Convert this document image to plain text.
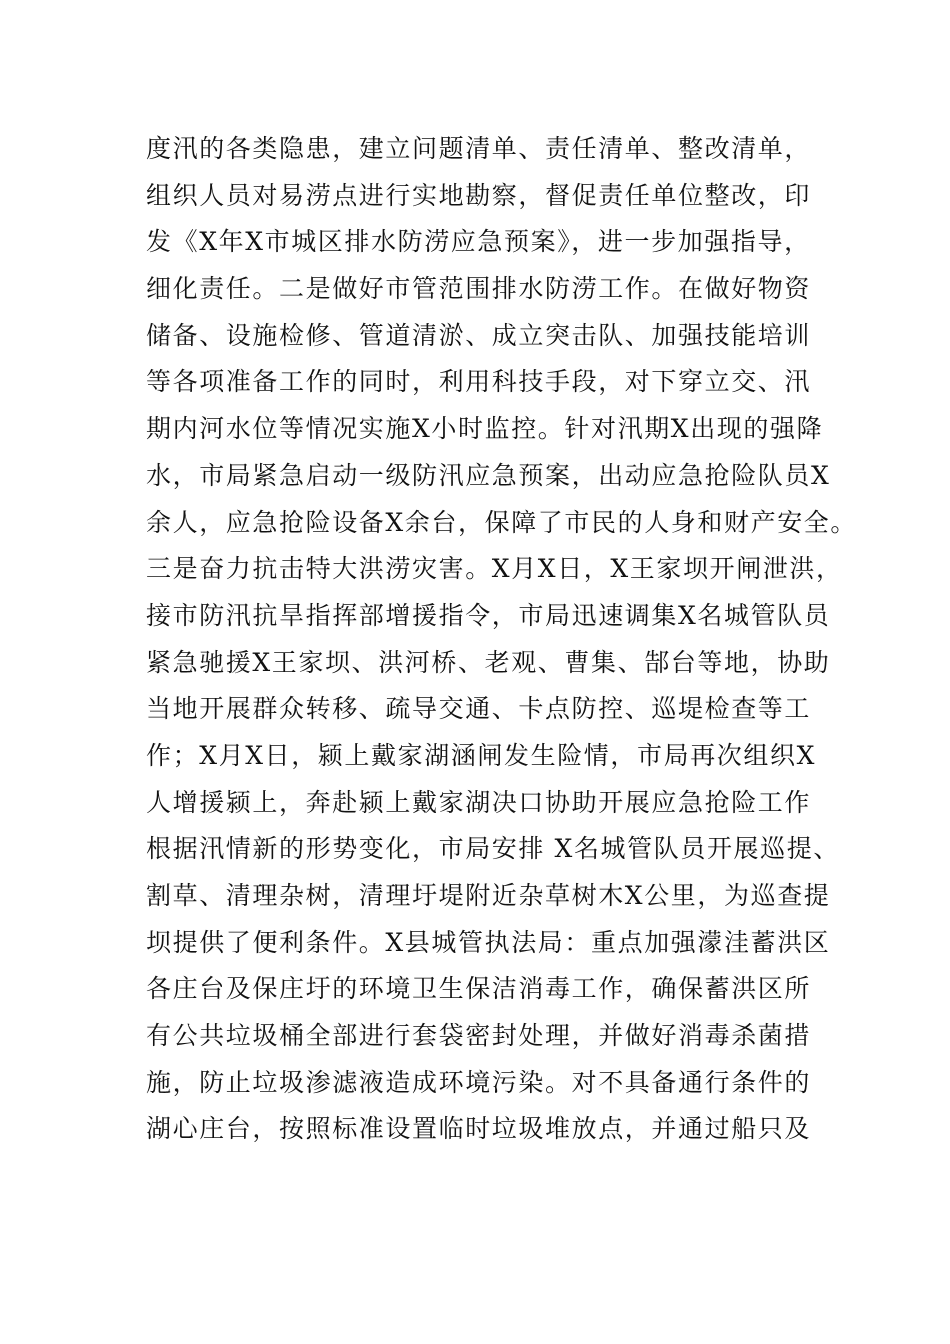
度汛的各类隐患，建立问题清单、责任清单、整改清单，
组织人员对易涝点进行实地勘察，督促责任单位整改，印
发《X年X市城区排水防涝应急预案》，进一步加强指导，
细化责任。二是做好市管范围排水防涝工作。在做好物资
储备、设施检修、管道清淤、成立突击队、加强技能培训
等各项准备工作的同时，利用科技手段，对下穿立交、汛
期内河水位等情况实施X小时监控。针对汛期X出现的强降
水，市局紧急启动一级防汛应急预案，出动应急抢险队员X
余人，应急抢险设备X余台，保障了市民的人身和财产安全。
三是奋力抗击特大洪涝灾害。X月X日，X王家坝开闸泄洪，
接市防汛抗旱指挥部增援指令，市局迅速调集X名城管队员
紧急驰援X王家坝、洪河桥、老观、曹集、郜台等地，协助
当地开展群众转移、疏导交通、卡点防控、巡堤检查等工
作；X月X日，颍上戴家湖涵闸发生险情，市局再次组织X
人增援颍上，奔赴颍上戴家湖决口协助开展应急抢险工作
根据汛情新的形势变化，市局安排 X名城管队员开展巡提、
割草、清理杂树，清理圩堤附近杂草树木X公里，为巡查提
坝提供了便利条件。X县城管执法局：重点加强濛洼蓄洪区
各庄台及保庄圩的环境卫生保洁消毒工作，确保蓄洪区所
有公共垃圾桶全部进行套袋密封处理，并做好消毒杀菌措
施，防止垃圾渗滤液造成环境污染。对不具备通行条件的
湖心庄台，按照标准设置临时垃圾堆放点，并通过船只及
